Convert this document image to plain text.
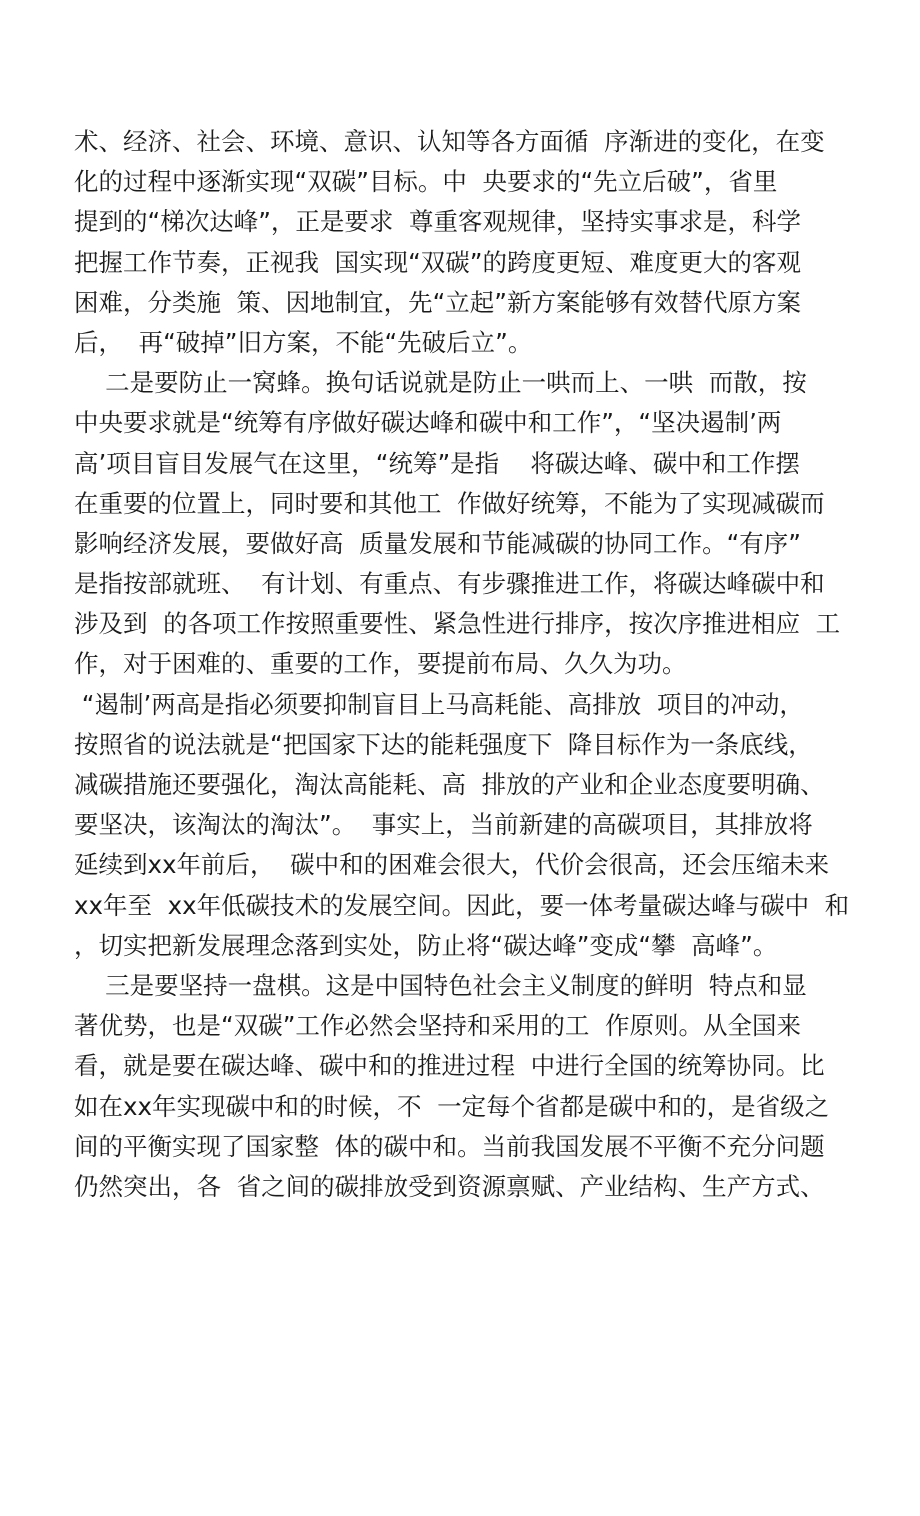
术、经济、社会、环境、意识、认知等各方面循  序渐进的变化，在变
化的过程中逐渐实现“双碳”目标。中  央要求的“先立后破”，省里
提到的“梯次达峰”，正是要求  尊重客观规律，坚持实事求是，科学
把握工作节奏，正视我  国实现“双碳”的跨度更短、难度更大的客观
困难，分类施  策、因地制宜，先“立起”新方案能够有效替代原方案
后，  再“破掉”旧方案，不能“先破后立”。
二是要防止一窝蜂。换句话说就是防止一哄而上、一哄  而散，按
中央要求就是“统筹有序做好碳达峰和碳中和工作”，“坚决遏制’两
高’项目盲目发展气在这里，“统筹”是指    将碳达峰、碳中和工作摆
在重要的位置上，同时要和其他工  作做好统筹，不能为了实现减碳而
影响经济发展，要做好高  质量发展和节能减碳的协同工作。“有序”
是指按部就班、  有计划、有重点、有步骤推进工作，将碳达峰碳中和
涉及到  的各项工作按照重要性、紧急性进行排序，按次序推进相应  工
作，对于困难的、重要的工作，要提前布局、久久为功。
“遏制’两高是指必须要抑制盲目上马高耗能、高排放  项目的冲动，
按照省的说法就是“把国家下达的能耗强度下  降目标作为一条底线，
减碳措施还要强化，淘汰高能耗、高  排放的产业和企业态度要明确、
要坚决，该淘汰的淘汰”。  事实上，当前新建的高碳项目，其排放将
延续到xx年前后，  碳中和的困难会很大，代价会很高，还会压缩未来
xx年至  xx年低碳技术的发展空间。因此，要一体考量碳达峰与碳中  和
，切实把新发展理念落到实处，防止将“碳达峰”变成“攀  高峰”。
三是要坚持一盘棋。这是中国特色社会主义制度的鲜明  特点和显
著优势，也是“双碳”工作必然会坚持和采用的工  作原则。从全国来
看，就是要在碳达峰、碳中和的推进过程  中进行全国的统筹协同。比
如在xx年实现碳中和的时候，不  一定每个省都是碳中和的，是省级之
间的平衡实现了国家整  体的碳中和。当前我国发展不平衡不充分问题
仍然突出，各  省之间的碳排放受到资源禀赋、产业结构、生产方式、
